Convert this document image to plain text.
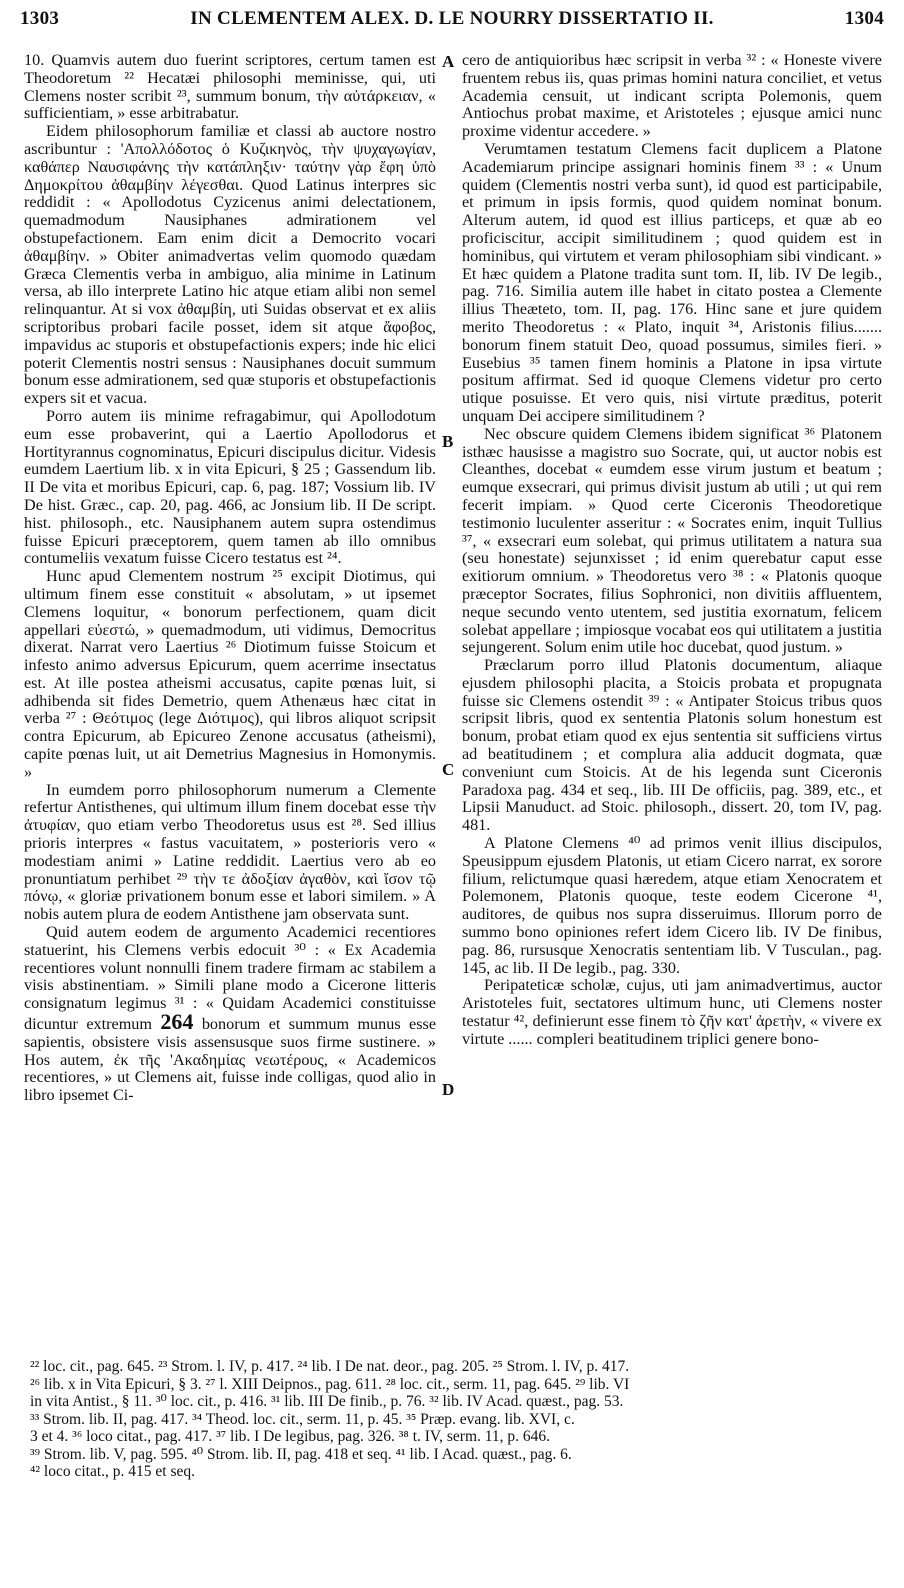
1303	IN CLEMENTEM ALEX. D. LE NOURRY DISSERTATIO II.	1304

10. Quamvis autem duo fuerint scriptores, certum tamen est Theodoretum ²² Hecatæi philosophi meminisse, qui, uti Clemens noster scribit ²³, summum bonum, τὴν αὐτάρκειαν, « sufficientiam, » esse arbitrabatur.

Eidem philosophorum familiæ et classi ab auctore nostro ascribuntur : 'Απολλόδοτος ὁ Κυζικηνὸς, τὴν ψυχαγωγίαν, καθάπερ Ναυσιφάνης τὴν κατάπληξιν· ταύτην γὰρ ἔφη ὑπὸ Δημοκρίτου ἀθαμβίην λέγεσθαι. Quod Latinus interpres sic reddidit : « Apollodotus Cyzicenus animi delectationem, quemadmodum Nausiphanes admirationem vel obstupefactionem. Eam enim dicit a Democrito vocari ἀθαμβίην. » Obiter animadvertas velim quomodo quædam Græca Clementis verba in ambiguo, alia minime in Latinum versa, ab illo interprete Latino hic atque etiam alibi non semel relinquantur. At si vox ἀθαμβίη, uti Suidas observat et ex aliis scriptoribus probari facile posset, idem sit atque ἄφοβος, impavidus ac stuporis et obstupefactionis expers; inde hic elici poterit Clementis nostri sensus : Nausiphanes docuit summum bonum esse admirationem, sed quæ stuporis et obstupefactionis expers sit et vacua.

Porro autem iis minime refragabimur, qui Apollodotum eum esse probaverint, qui a Laertio Apollodorus et Hortityrannus cognominatus, Epicuri discipulus dicitur. Videsis eumdem Laertium lib. x in vita Epicuri, § 25 ; Gassendum lib. II De vita et moribus Epicuri, cap. 6, pag. 187; Vossium lib. IV De hist. Græc., cap. 20, pag. 466, ac Jonsium lib. II De script. hist. philosoph., etc. Nausiphanem autem supra ostendimus fuisse Epicuri præceptorem, quem tamen ab illo omnibus contumeliis vexatum fuisse Cicero testatus est ²⁴.

Hunc apud Clementem nostrum ²⁵ excipit Diotimus, qui ultimum finem esse constituit « absolutam, » ut ipsemet Clemens loquitur, « bonorum perfectionem, quam dicit appellari εὐεστώ, » quemadmodum, uti vidimus, Democritus dixerat. Narrat vero Laertius ²⁶ Diotimum fuisse Stoicum et infesto animo adversus Epicurum, quem acerrime insectatus est. At ille postea atheismi accusatus, capite pœnas luit, si adhibenda sit fides Demetrio, quem Athenæus hæc citat in verba ²⁷ : Θεότιμος (lege Διότιμος), qui libros aliquot scripsit contra Epicurum, ab Epicureo Zenone accusatus (atheismi), capite pœnas luit, ut ait Demetrius Magnesius in Homonymis. »

In eumdem porro philosophorum numerum a Clemente refertur Antisthenes, qui ultimum illum finem docebat esse τὴν ἀτυφίαν, quo etiam verbo Theodoretus usus est ²⁸. Sed illius prioris interpres « fastus vacuitatem, » posterioris vero « modestiam animi » Latine reddidit. Laertius vero ab eo pronuntiatum perhibet ²⁹ τὴν τε ἀδοξίαν ἀγαθὸν, καὶ ἴσον τῷ πόνῳ, « gloriæ privationem bonum esse et labori similem. » A nobis autem plura de eodem Antisthene jam observata sunt.

Quid autem eodem de argumento Academici recentiores statuerint, his Clemens verbis edocuit ³⁰ : « Ex Academia recentiores volunt nonnulli finem tradere firmam ac stabilem a visis abstinentiam. » Simili plane modo a Cicerone litteris consignatum legimus ³¹ : « Quidam Academici constituisse dicuntur extremum 264 bonorum et summum munus esse sapientis, obsistere visis assensusque suos firme sustinere. » Hos autem, ἐκ τῆς 'Ακαδημίας νεωτέρους, « Academicos recentiores, » ut Clemens ait, fuisse inde colligas, quod alio in libro ipsemet Ci-

A
B
C
D

cero de antiquioribus hæc scripsit in verba ³² : « Honeste vivere fruentem rebus iis, quas primas homini natura conciliet, et vetus Academia censuit, ut indicant scripta Polemonis, quem Antiochus probat maxime, et Aristoteles ; ejusque amici nunc proxime videntur accedere. »

Verumtamen testatum Clemens facit duplicem a Platone Academiarum principe assignari hominis finem ³³ : « Unum quidem (Clementis nostri verba sunt), id quod est participabile, et primum in ipsis formis, quod quidem nominat bonum. Alterum autem, id quod est illius particeps, et quæ ab eo proficiscitur, accipit similitudinem ; quod quidem est in hominibus, qui virtutem et veram philosophiam sibi vindicant. » Et hæc quidem a Platone tradita sunt tom. II, lib. IV De legib., pag. 716. Similia autem ille habet in citato postea a Clemente illius Theæteto, tom. II, pag. 176. Hinc sane et jure quidem merito Theodoretus : « Plato, inquit ³⁴, Aristonis filius....... bonorum finem statuit Deo, quoad possumus, similes fieri. » Eusebius ³⁵ tamen finem hominis a Platone in ipsa virtute positum affirmat. Sed id quoque Clemens videtur pro certo utique posuisse. Et vero quis, nisi virtute præditus, poterit unquam Dei accipere similitudinem ?

Nec obscure quidem Clemens ibidem significat ³⁶ Platonem isthæc hausisse a magistro suo Socrate, qui, ut auctor nobis est Cleanthes, docebat « eumdem esse virum justum et beatum ; eumque exsecrari, qui primus divisit justum ab utili ; ut qui rem fecerit impiam. » Quod certe Ciceronis Theodoretique testimonio luculenter asseritur : « Socrates enim, inquit Tullius ³⁷, « exsecrari eum solebat, qui primus utilitatem a natura sua (seu honestate) sejunxisset ; id enim querebatur caput esse exitiorum omnium. » Theodoretus vero ³⁸ : « Platonis quoque præceptor Socrates, filius Sophronici, non divitiis affluentem, neque secundo vento utentem, sed justitia exornatum, felicem solebat appellare ; impiosque vocabat eos qui utilitatem a justitia sejungerent. Solum enim utile hoc ducebat, quod justum. »

Præclarum porro illud Platonis documentum, aliaque ejusdem philosophi placita, a Stoicis probata et propugnata fuisse sic Clemens ostendit ³⁹ : « Antipater Stoicus tribus quos scripsit libris, quod ex sententia Platonis solum honestum est bonum, probat etiam quod ex ejus sententia sit sufficiens virtus ad beatitudinem ; et complura alia adducit dogmata, quæ conveniunt cum Stoicis. At de his legenda sunt Ciceronis Paradoxa pag. 434 et seq., lib. III De officiis, pag. 389, etc., et Lipsii Manuduct. ad Stoic. philosoph., dissert. 20, tom IV, pag. 481.

A Platone Clemens ⁴⁰ ad primos venit illius discipulos, Speusippum ejusdem Platonis, ut etiam Cicero narrat, ex sorore filium, relictumque quasi hæredem, atque etiam Xenocratem et Polemonem, Platonis quoque, teste eodem Cicerone ⁴¹, auditores, de quibus nos supra disseruimus. Illorum porro de summo bono opiniones refert idem Cicero lib. IV De finibus, pag. 86, rursusque Xenocratis sententiam lib. V Tusculan., pag. 145, ac lib. II De legib., pag. 330.

Peripateticæ scholæ, cujus, uti jam animadvertimus, auctor Aristoteles fuit, sectatores ultimum hunc, uti Clemens noster testatur ⁴², definierunt esse finem τὸ ζῆν κατ' ἀρετὴν, « vivere ex virtute ...... compleri beatitudinem triplici genere bono-

²² loc. cit., pag. 645. ²³ Strom. l. IV, p. 417. ²⁴ lib. I De nat. deor., pag. 205. ²⁵ Strom. l. IV, p. 417.
²⁶ lib. x in Vita Epicuri, § 3. ²⁷ l. XIII Deipnos., pag. 611. ²⁸ loc. cit., serm. 11, pag. 645. ²⁹ lib. VI
in vita Antist., § 11. ³⁰ loc. cit., p. 416. ³¹ lib. III De finib., p. 76. ³² lib. IV Acad. quæst., pag. 53.
³³ Strom. lib. II, pag. 417. ³⁴ Theod. loc. cit., serm. 11, p. 45. ³⁵ Præp. evang. lib. XVI, c.
3 et 4. ³⁶ loco citat., pag. 417. ³⁷ lib. I De legibus, pag. 326. ³⁸ t. IV, serm. 11, p. 646.
³⁹ Strom. lib. V, pag. 595. ⁴⁰ Strom. lib. II, pag. 418 et seq. ⁴¹ lib. I Acad. quæst., pag. 6.
⁴² loco citat., p. 415 et seq.
